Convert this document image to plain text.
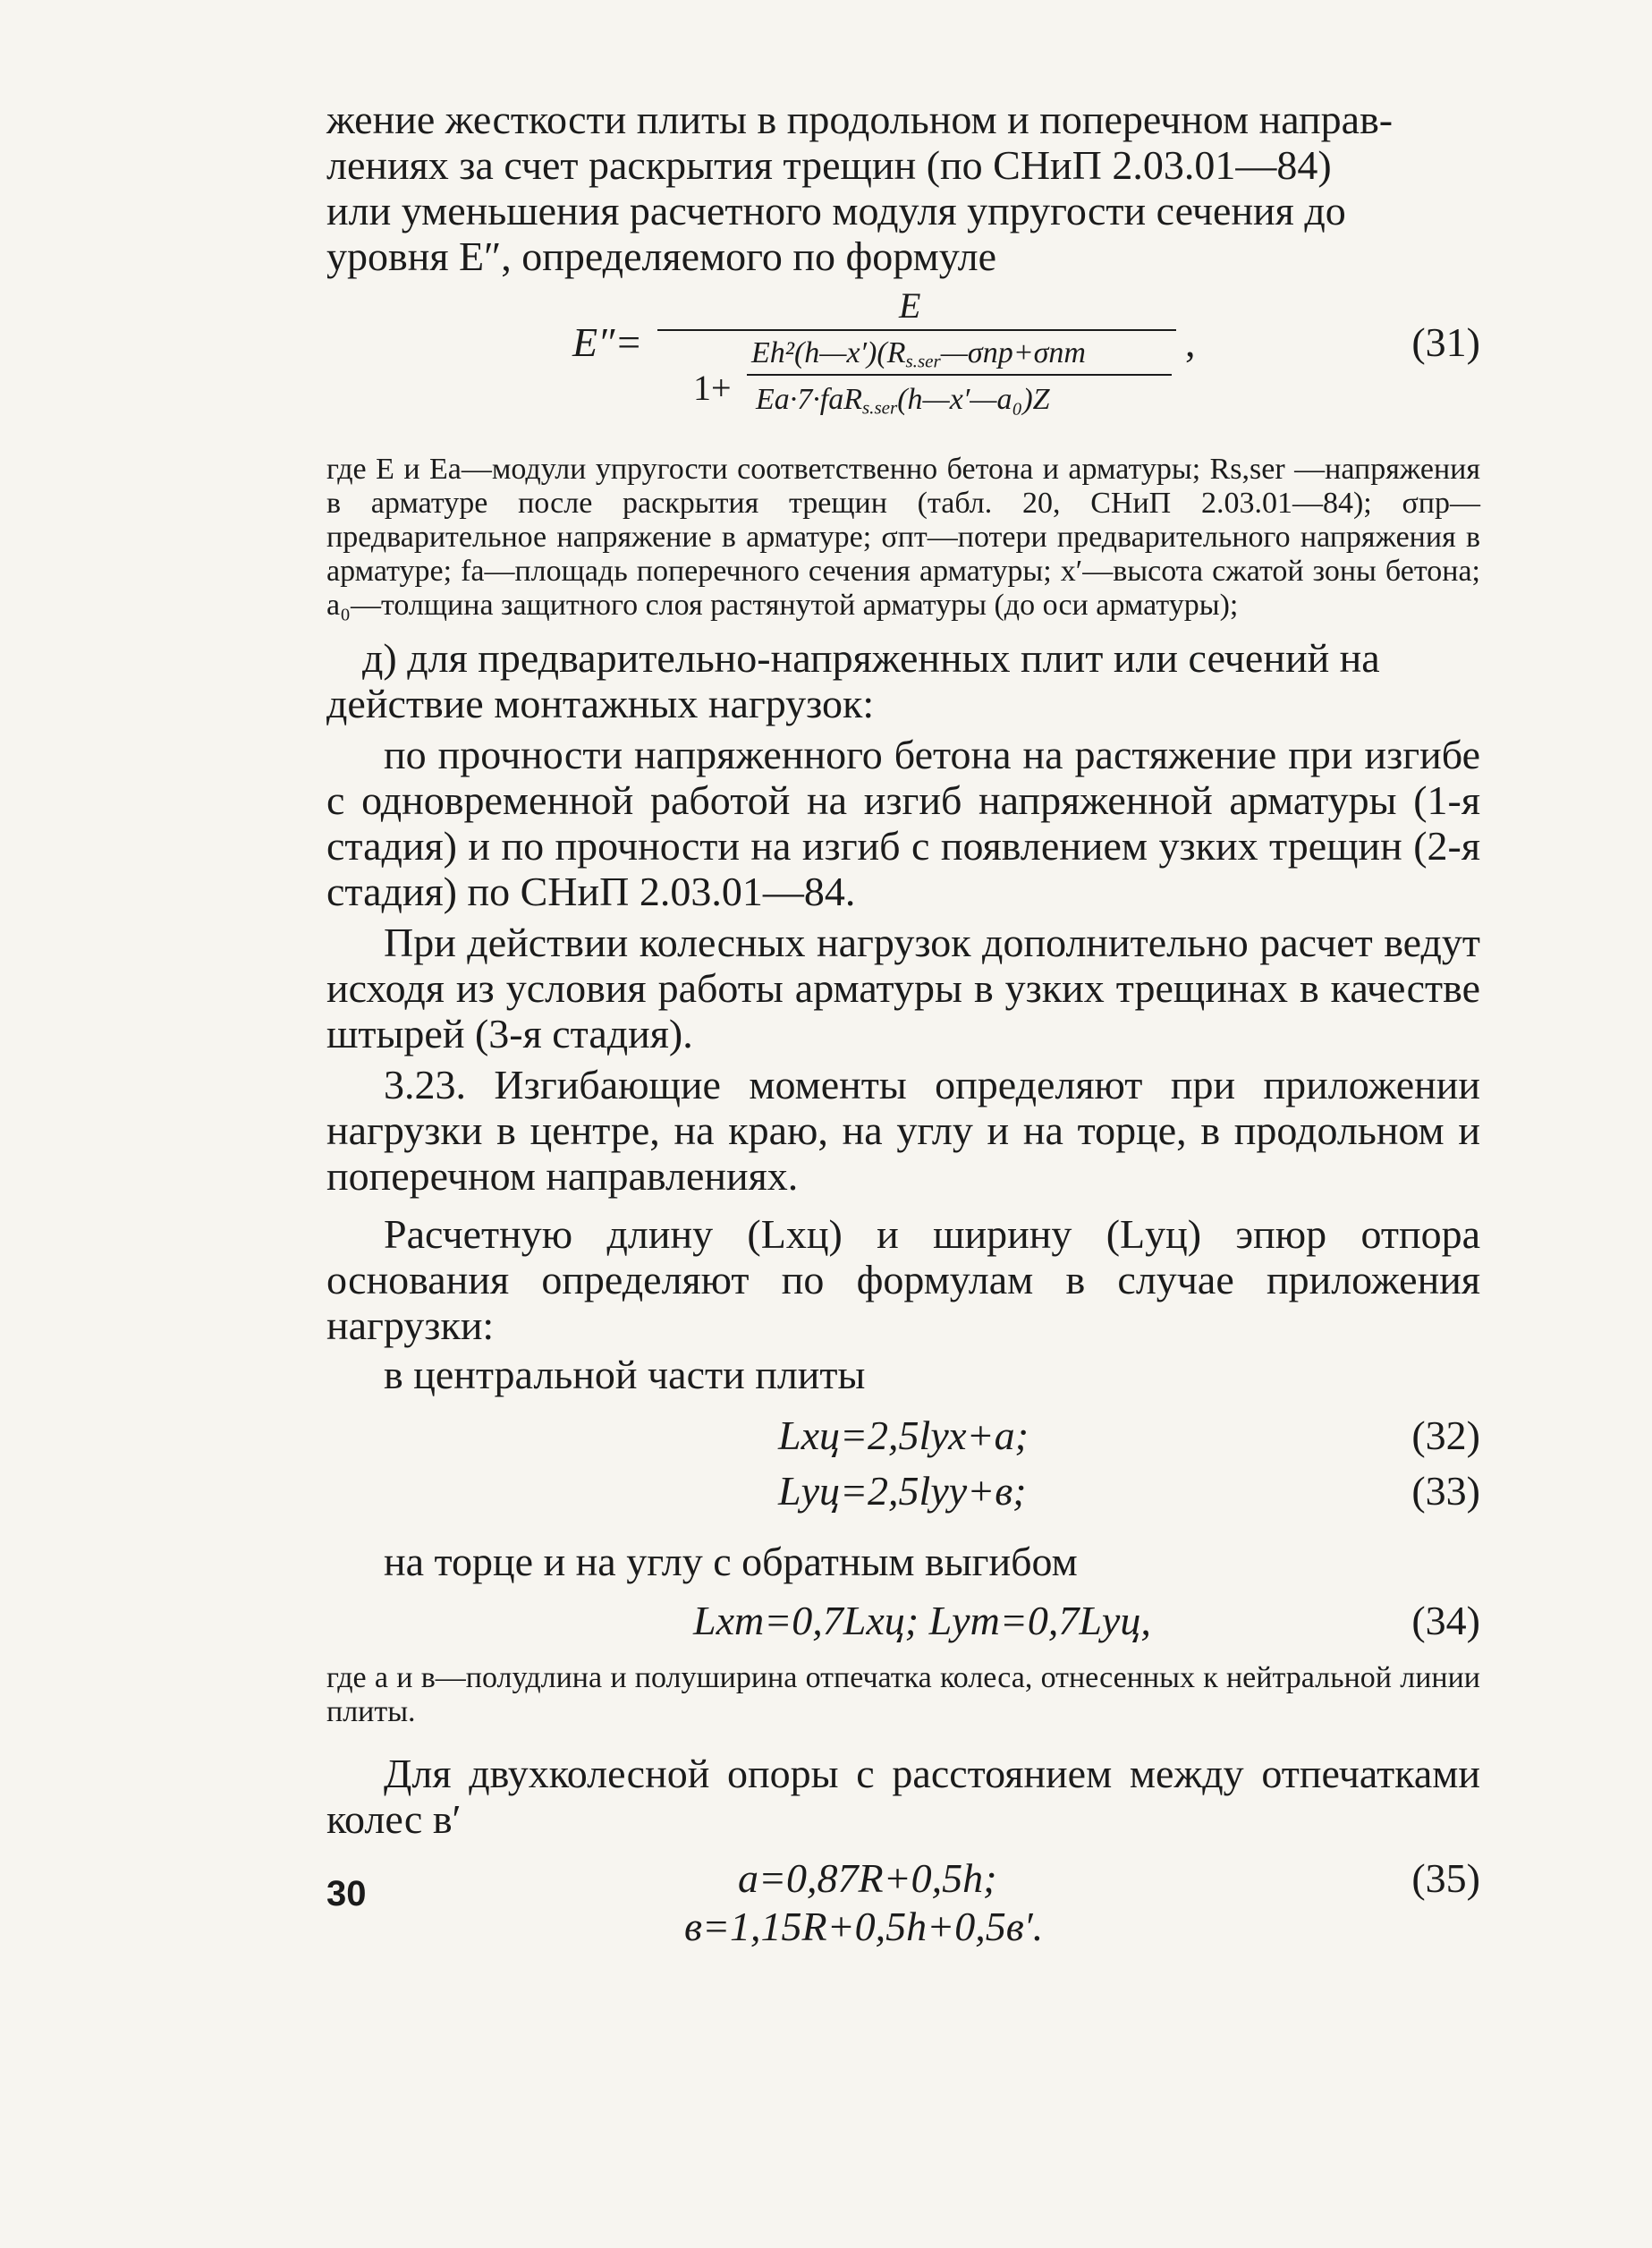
жение жесткости плиты в продольном и поперечном направ-

лениях за счет раскрытия трещин (по СНиП 2.03.01—84)

или уменьшения расчетного модуля упругости сечения до

уровня E″, определяемого по формуле

E″=
E
1+
$Eh^2(h—x')(R_{s.ser}—\sigma пр+\sigma пт$
Eа·7·fаR$_{s.ser}$(h—x′—a₀)Z
,	(31)

где E и Eа—модули упругости соответственно бетона и арматуры; Rs,ser —напряжения в арматуре после раскрытия трещин (табл. 20, СНиП 2.03.01—84); σпр—предварительное напряжение в арматуре; σпт—потери предварительного напряжения в арматуре; fа—площадь поперечного сечения арматуры; x′—высота сжатой зоны бетона; a₀—толщина защитного слоя растянутой арматуры (до оси арматуры);

д) для предварительно-напряженных плит или сечений на

действие монтажных нагрузок:

по прочности напряженного бетона на растяжение при изгибе с одновременной работой на изгиб напряженной арматуры (1-я стадия) и по прочности на изгиб с появлением узких трещин (2-я стадия) по СНиП 2.03.01—84.

При действии колесных нагрузок дополнительно расчет ведут исходя из условия работы арматуры в узких трещинах в качестве штырей (3-я стадия).

3.23. Изгибающие моменты определяют при приложении нагрузки в центре, на краю, на углу и на торце, в продольном и поперечном направлениях.

Расчетную длину (Lхц) и ширину (Lуц) эпюр отпора основания определяют по формулам в случае приложения нагрузки:

в центральной части плиты

Lхц=2,5lух+a;	(32)
Lуц=2,5lуу+в;	(33)

на торце и на углу с обратным выгибом

Lхт=0,7Lхц; Lут=0,7Lуц,	(34)

где a и в—полудлина и полуширина отпечатка колеса, отнесенных к нейтральной линии плиты.

Для двухколесной опоры с расстоянием между отпечатками колес в′

a=0,87R+0,5h;	(35)
в=1,15R+0,5h+0,5в′.
30
